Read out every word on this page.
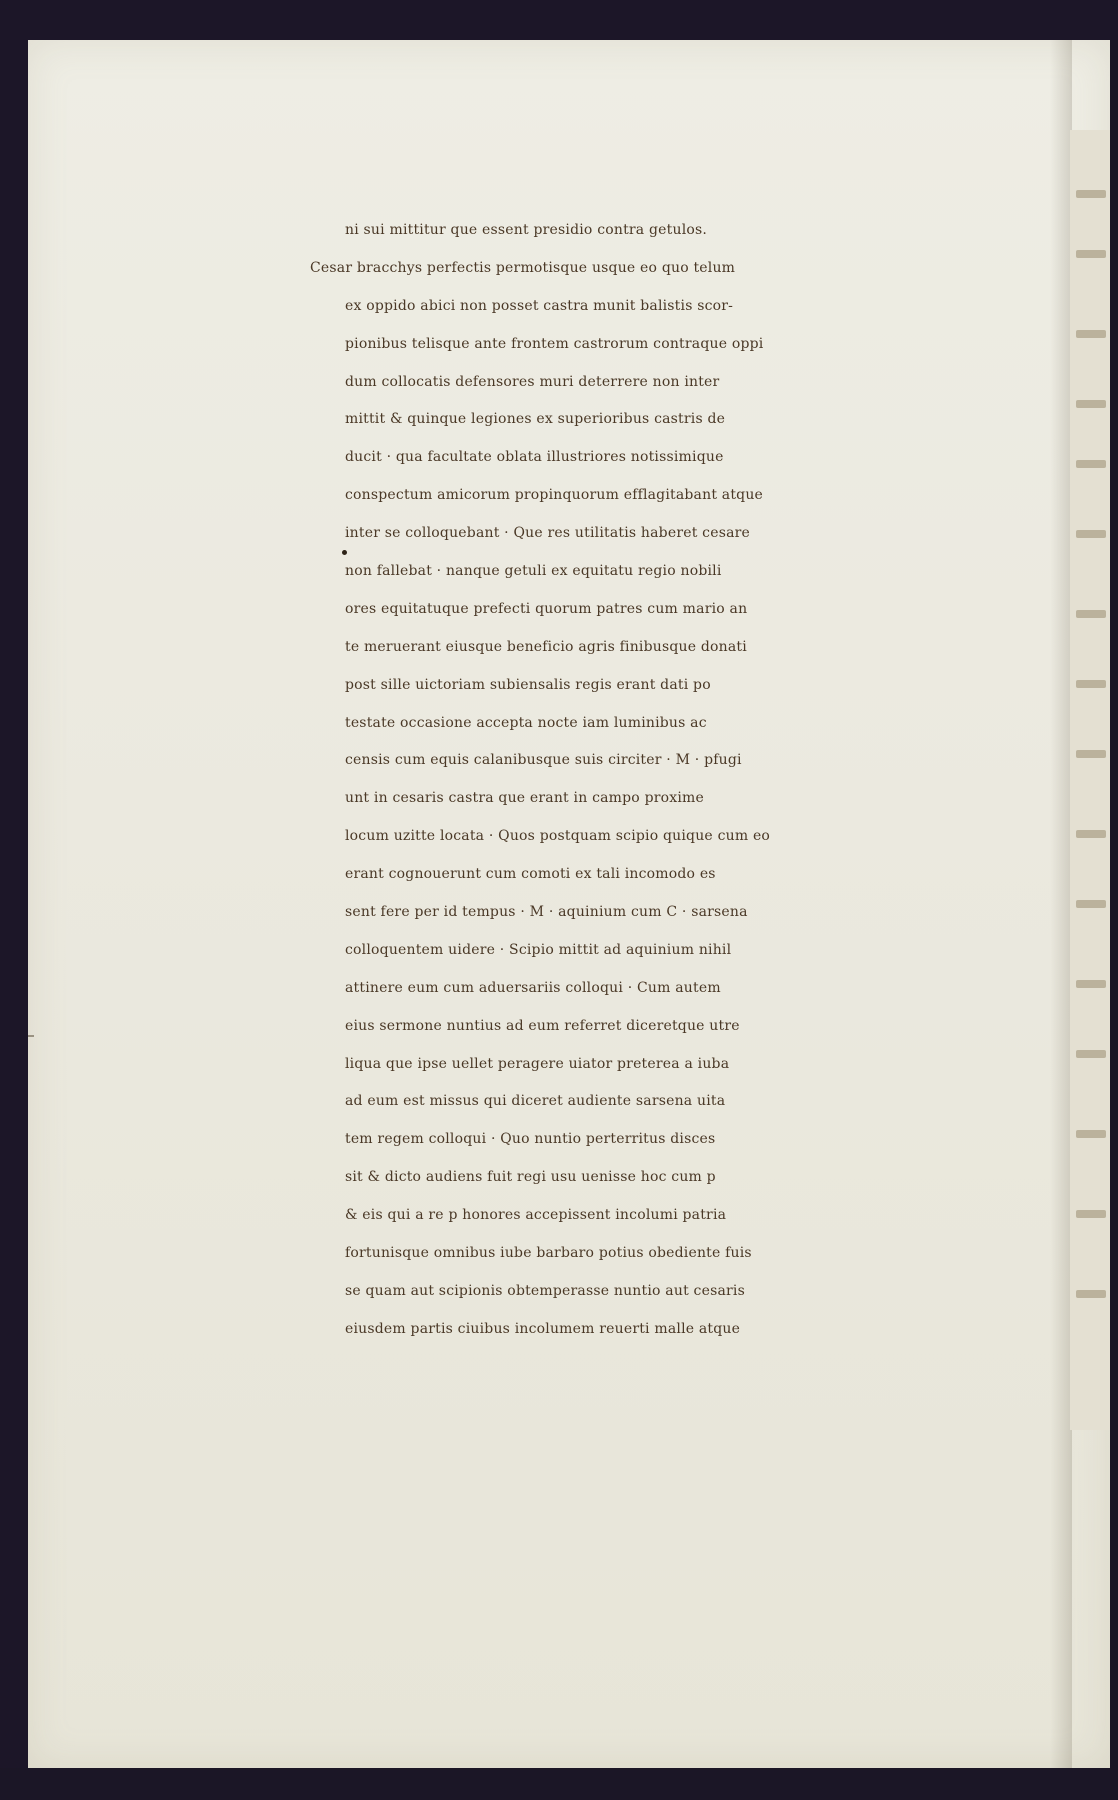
ni sui mittitur que essent presidio contra getulos.
Cesar bracchys perfectis permotisque usque eo quo telum
ex oppido abici non posset castra munit balistis scor-
pionibus telisque ante frontem castrorum contraque oppi
dum collocatis defensores muri deterrere non inter
mittit & quinque legiones ex superioribus castris de
ducit · qua facultate oblata illustriores notissimique
conspectum amicorum propinquorum efflagitabant atque
inter se colloquebant · Que res utilitatis haberet cesare
non fallebat · nanque getuli ex equitatu regio nobili
ores equitatuque prefecti quorum patres cum mario an
te meruerant eiusque beneficio agris finibusque donati
post sille uictoriam subiensalis regis erant dati po
testate occasione accepta nocte iam luminibus ac
censis cum equis calanibusque suis circiter · M · pfugi
unt in cesaris castra que erant in campo proxime
locum uzitte locata · Quos postquam scipio quique cum eo
erant cognouerunt cum comoti ex tali incomodo es
sent fere per id tempus · M · aquinium cum C · sarsena
colloquentem uidere · Scipio mittit ad aquinium nihil
attinere eum cum aduersariis colloqui · Cum autem
eius sermone nuntius ad eum referret diceretque utre
liqua que ipse uellet peragere uiator preterea a iuba
ad eum est missus qui diceret audiente sarsena uita
tem regem colloqui · Quo nuntio perterritus disces
sit & dicto audiens fuit regi usu uenisse hoc cum p
& eis qui a re p honores accepissent incolumi patria
fortunisque omnibus iube barbaro potius obediente fuis
se quam aut scipionis obtemperasse nuntio aut cesaris
eiusdem partis ciuibus incolumem reuerti malle atque
